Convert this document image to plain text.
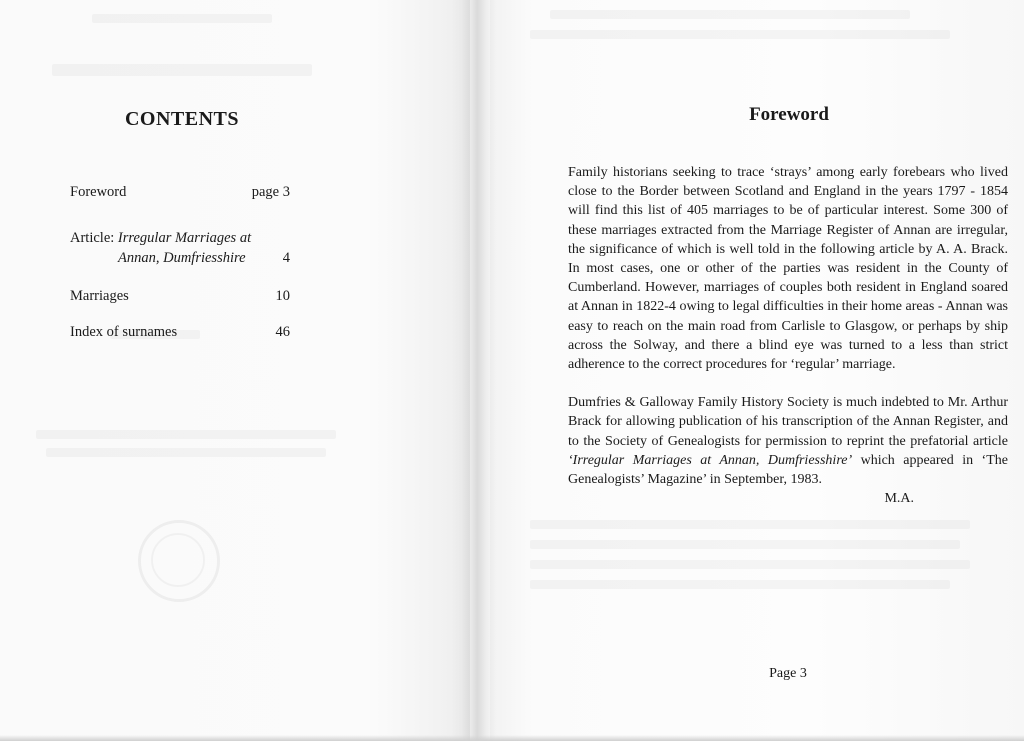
CONTENTS
Foreword	page 3
Article: Irregular Marriages at
Annan, Dumfriesshire	4
Marriages	10
Index of surnames	46
Foreword

Family historians seeking to trace ‘strays’ among early forebears who lived close to the Border between Scotland and England in the years 1797 - 1854 will find this list of 405 marriages to be of particular interest. Some 300 of these marriages extracted from the Marriage Register of Annan are irregular, the significance of which is well told in the following article by A. A. Brack. In most cases, one or other of the parties was resident in the County of Cumberland. However, marriages of couples both resident in England soared at Annan in 1822-4 owing to legal difficulties in their home areas - Annan was easy to reach on the main road from Carlisle to Glasgow, or perhaps by ship across the Solway, and there a blind eye was turned to a less than strict adherence to the correct procedures for ‘regular’ marriage.

Dumfries & Galloway Family History Society is much indebted to Mr. Arthur Brack for allowing publication of his transcription of the Annan Register, and to the Society of Genealogists for permission to reprint the prefatorial article ‘Irregular Marriages at Annan, Dumfriesshire’ which appeared in ‘The Genealogists’ Magazine’ in September, 1983.

M.A.
Page 3
